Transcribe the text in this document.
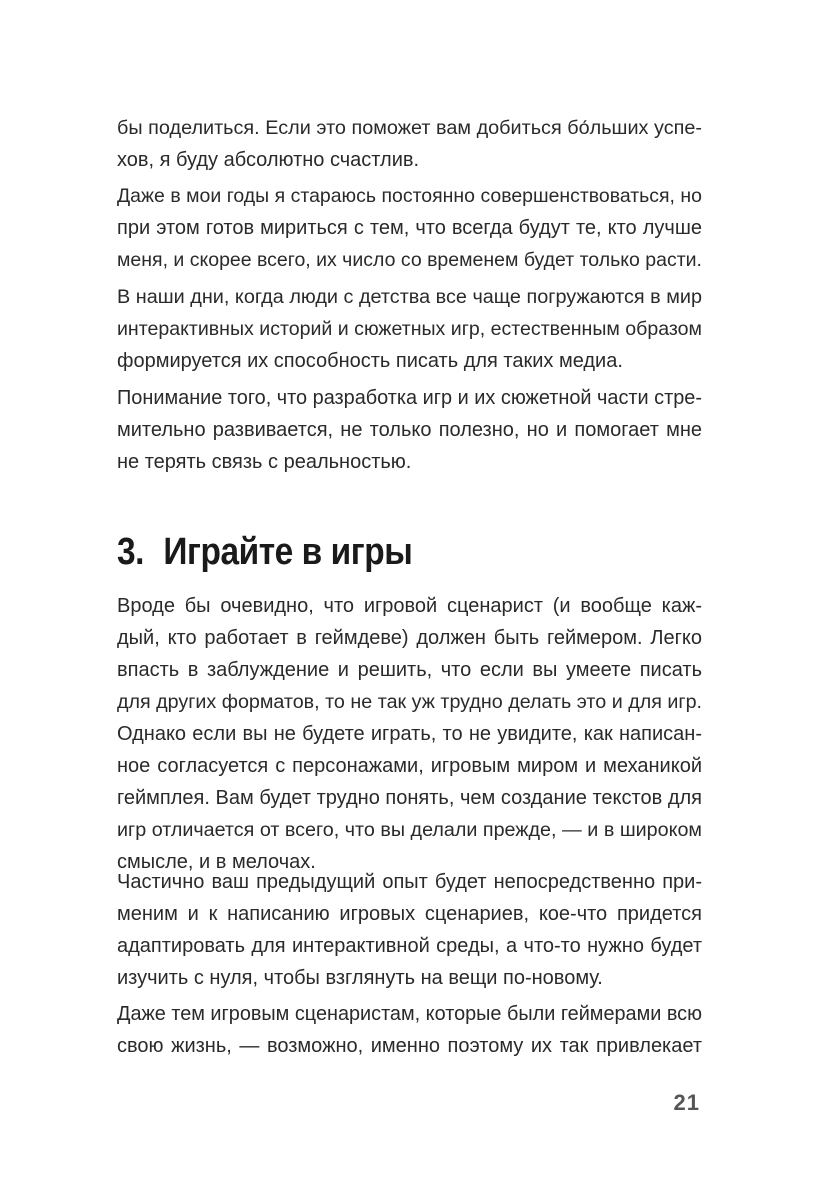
бы поделиться. Если это поможет вам добиться бо́льших успе-
хов, я буду абсолютно счастлив.
Даже в мои годы я стараюсь постоянно совершенствоваться, но
при этом готов мириться с тем, что всегда будут те, кто лучше
меня, и скорее всего, их число со временем будет только расти.
В наши дни, когда люди с детства все чаще погружаются в мир
интерактивных историй и сюжетных игр, естественным образом
формируется их способность писать для таких медиа.
Понимание того, что разработка игр и их сюжетной части стре-
мительно развивается, не только полезно, но и помогает мне
не терять связь с реальностью.
3. Играйте в игры
Вроде бы очевидно, что игровой сценарист (и вообще каж-
дый, кто работает в геймдеве) должен быть геймером. Легко
впасть в заблуждение и решить, что если вы умеете писать
для других форматов, то не так уж трудно делать это и для игр.
Однако если вы не будете играть, то не увидите, как написан-
ное согласуется с персонажами, игровым миром и механикой
геймплея. Вам будет трудно понять, чем создание текстов для
игр отличается от всего, что вы делали прежде, — и в широком
смысле, и в мелочах.
Частично ваш предыдущий опыт будет непосредственно при-
меним и к написанию игровых сценариев, кое-что придется
адаптировать для интерактивной среды, а что-то нужно будет
изучить с нуля, чтобы взглянуть на вещи по-новому.
Даже тем игровым сценаристам, которые были геймерами всю
свою жизнь, — возможно, именно поэтому их так привлекает
21
